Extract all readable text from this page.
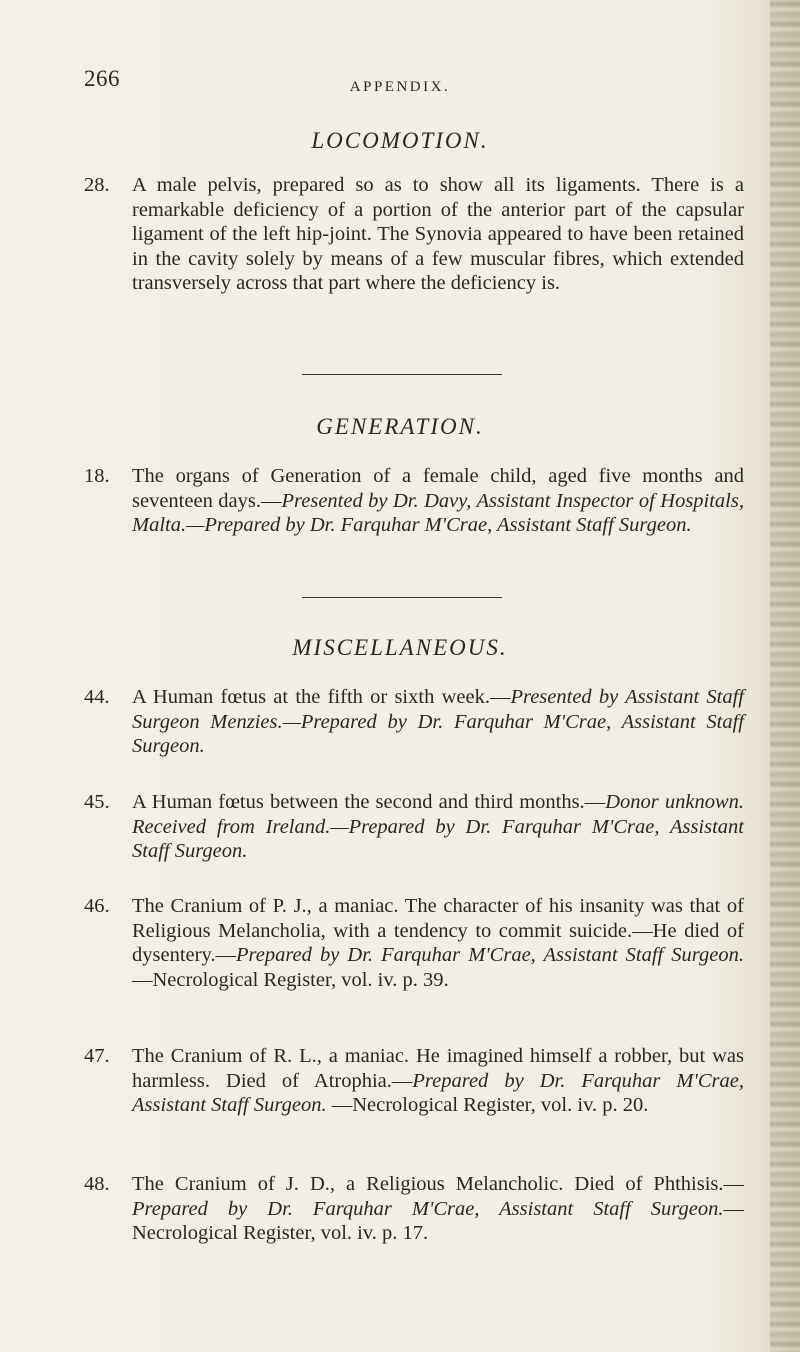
266	APPENDIX.
LOCOMOTION.
28. A male pelvis, prepared so as to show all its ligaments. There is a remarkable deficiency of a portion of the anterior part of the capsular ligament of the left hip-joint. The Synovia appeared to have been retained in the cavity solely by means of a few muscular fibres, which extended transversely across that part where the deficiency is.
GENERATION.
18. The organs of Generation of a female child, aged five months and seventeen days.—Presented by Dr. Davy, Assistant Inspector of Hospitals, Malta.—Prepared by Dr. Farquhar M'Crae, Assistant Staff Surgeon.
MISCELLANEOUS.
44. A Human fœtus at the fifth or sixth week.—Presented by Assistant Staff Surgeon Menzies.—Prepared by Dr. Farquhar M'Crae, Assistant Staff Surgeon.
45. A Human fœtus between the second and third months.—Donor unknown. Received from Ireland.—Prepared by Dr. Farquhar M'Crae, Assistant Staff Surgeon.
46. The Cranium of P. J., a maniac. The character of his insanity was that of Religious Melancholia, with a tendency to commit suicide.—He died of dysentery.—Prepared by Dr. Farquhar M'Crae, Assistant Staff Surgeon. —Necrological Register, vol. iv. p. 39.
47. The Cranium of R. L., a maniac. He imagined himself a robber, but was harmless. Died of Atrophia.—Prepared by Dr. Farquhar M'Crae, Assistant Staff Surgeon. —Necrological Register, vol. iv. p. 20.
48. The Cranium of J. D., a Religious Melancholic. Died of Phthisis.—Prepared by Dr. Farquhar M'Crae, Assistant Staff Surgeon.—Necrological Register, vol. iv. p. 17.
